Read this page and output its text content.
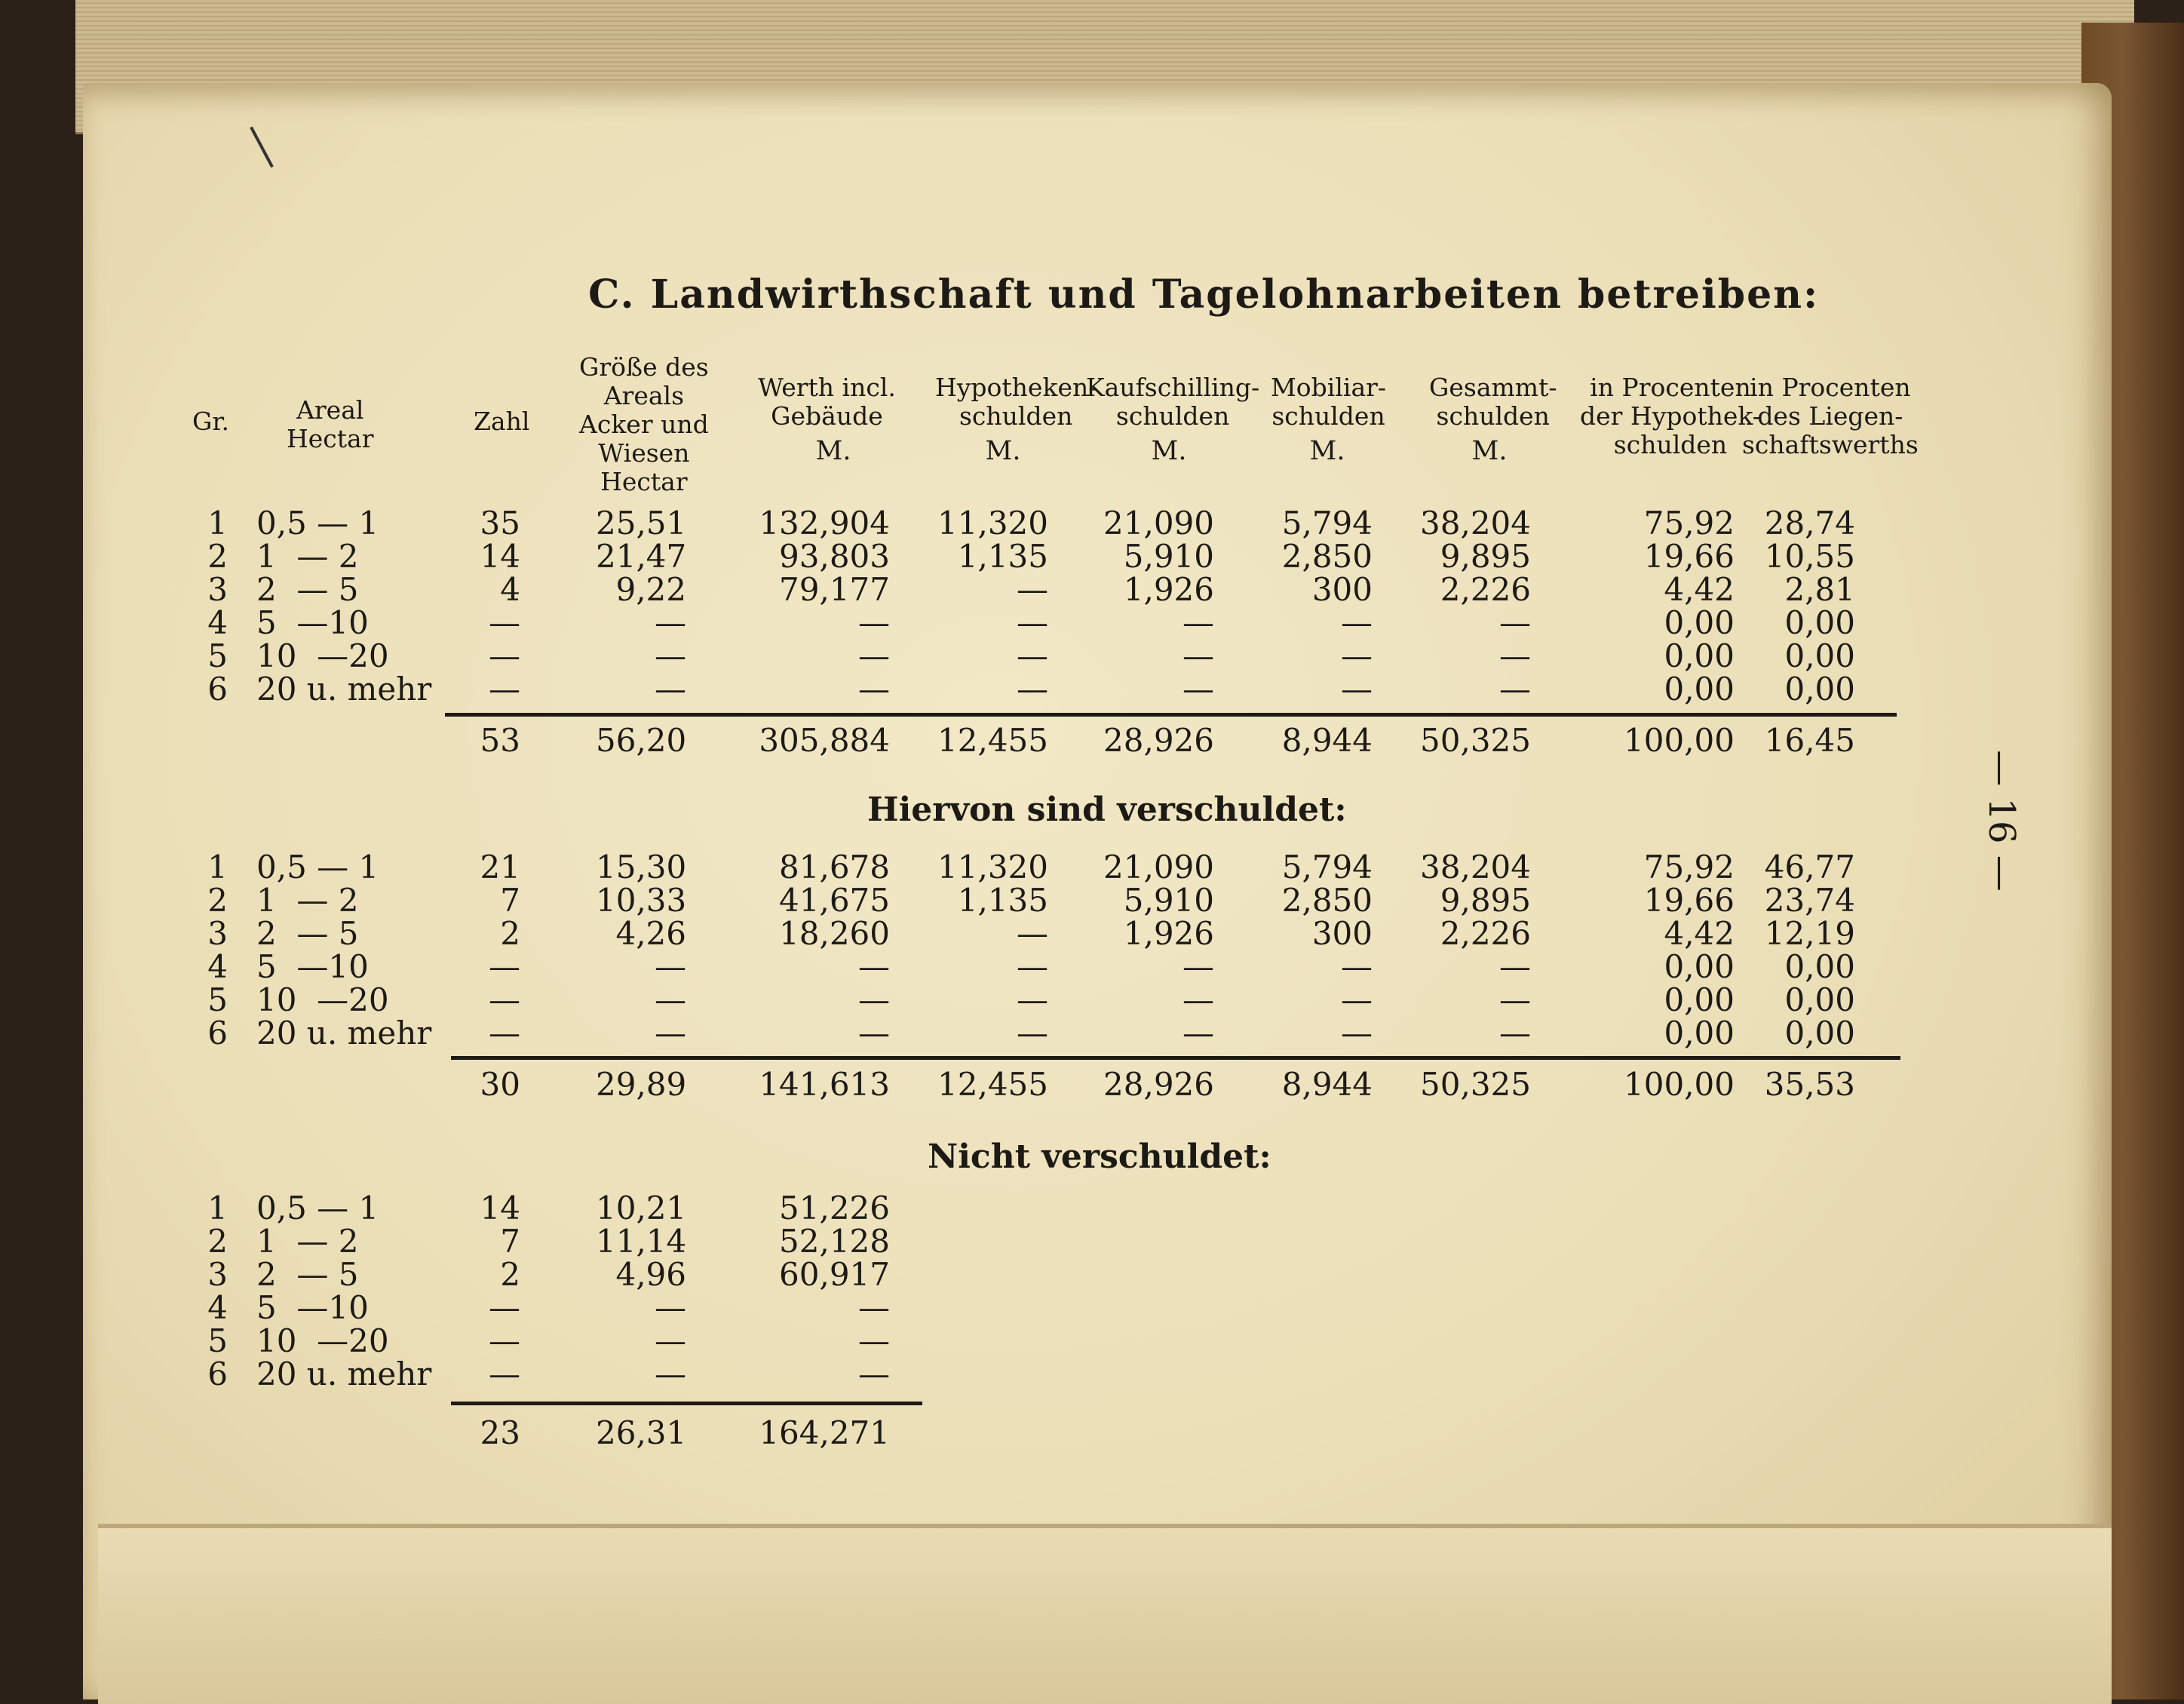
C. Landwirthschaft und Tagelohnarbeiten betreiben:
Gr.	Areal
Hectar
Zahl
Größe des
Areals
Acker und
Wiesen
Hectar
Werth incl.
Gebäude
Hypotheken-
schulden
Kaufschilling-
schulden
Mobiliar-
schulden
Gesammt-
schulden
in Procenten
der Hypothek-
schulden
in Procenten
des Liegen-
schaftswerths
M.	M.	M.	M.	M.
1 0,5 — 1	35 25,51 132,904	11,320	21,090	5,794	38,204	75,92 28,74
2 1  — 2	14 21,47	93,803	1,135	5,910	2,850	9,895	19,66 10,55
3 2  — 5	4	9,22	79,177	—	1,926	300	2,226	4,42	2,81
4 5  —10	—	—	—	—	—	—	—	0,00	0,00
5 10  —20	—	—	—	—	—	—	—	0,00	0,00
6 20 u. mehr	—	—	—	—	—	—	—	0,00	0,00
53 56,20 305,884	12,455	28,926	8,944	50,325	100,00 16,45
Hiervon sind verschuldet:
1 0,5 — 1	21 15,30	81,678	11,320	21,090	5,794	38,204	75,92 46,77
2 1  — 2	7 10,33	41,675	1,135	5,910	2,850	9,895	19,66 23,74
3 2  — 5	2	4,26	18,260	—	1,926	300	2,226	4,42 12,19
4 5  —10	—	—	—	—	—	—	—	0,00	0,00
5 10  —20	—	—	—	—	—	—	—	0,00	0,00
6 20 u. mehr	—	—	—	—	—	—	—	0,00	0,00
30 29,89 141,613	12,455	28,926	8,944	50,325	100,00 35,53
Nicht verschuldet:
1 0,5 — 1	14 10,21	51,226
2 1  — 2	7 11,14	52,128
3 2  — 5	2	4,96	60,917
4 5  —10	—	—	—
5 10  —20	—	—	—
6 20 u. mehr	—	—	—
23 26,31 164,271
— 16 —
